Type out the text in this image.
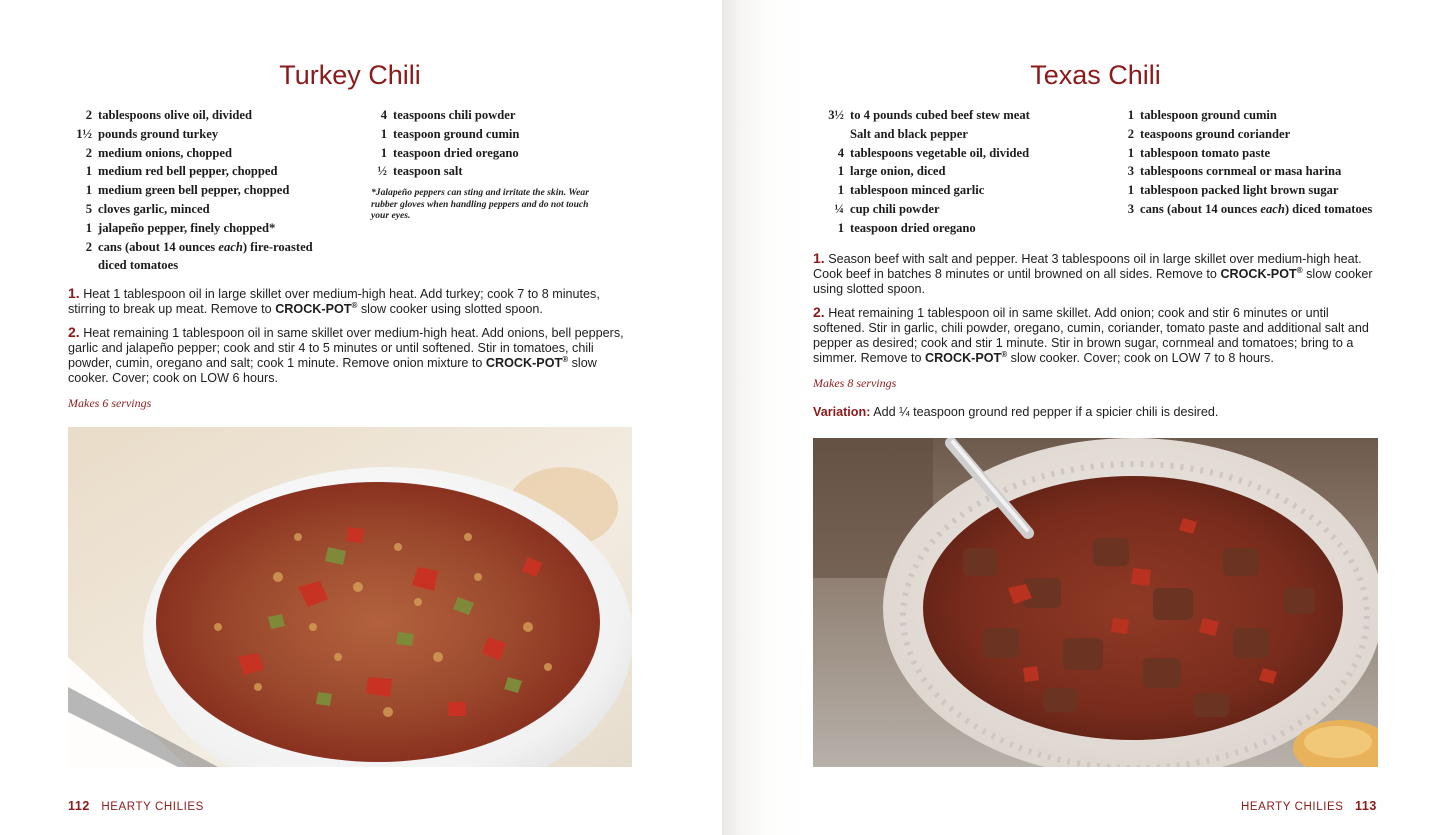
Turkey Chili
2 tablespoons olive oil, divided
1½ pounds ground turkey
2 medium onions, chopped
1 medium red bell pepper, chopped
1 medium green bell pepper, chopped
5 cloves garlic, minced
1 jalapeño pepper, finely chopped*
2 cans (about 14 ounces each) fire-roasted diced tomatoes
4 teaspoons chili powder
1 teaspoon ground cumin
1 teaspoon dried oregano
½ teaspoon salt
*Jalapeño peppers can sting and irritate the skin. Wear rubber gloves when handling peppers and do not touch your eyes.
1. Heat 1 tablespoon oil in large skillet over medium-high heat. Add turkey; cook 7 to 8 minutes, stirring to break up meat. Remove to CROCK-POT® slow cooker using slotted spoon.
2. Heat remaining 1 tablespoon oil in same skillet over medium-high heat. Add onions, bell peppers, garlic and jalapeño pepper; cook and stir 4 to 5 minutes or until softened. Stir in tomatoes, chili powder, cumin, oregano and salt; cook 1 minute. Remove onion mixture to CROCK-POT® slow cooker. Cover; cook on LOW 6 hours.
Makes 6 servings
112 HEARTY CHILIES
Texas Chili
3½ to 4 pounds cubed beef stew meat
Salt and black pepper
4 tablespoons vegetable oil, divided
1 large onion, diced
1 tablespoon minced garlic
¼ cup chili powder
1 teaspoon dried oregano
1 tablespoon ground cumin
2 teaspoons ground coriander
1 tablespoon tomato paste
3 tablespoons cornmeal or masa harina
1 tablespoon packed light brown sugar
3 cans (about 14 ounces each) diced tomatoes
1. Season beef with salt and pepper. Heat 3 tablespoons oil in large skillet over medium-high heat. Cook beef in batches 8 minutes or until browned on all sides. Remove to CROCK-POT® slow cooker using slotted spoon.
2. Heat remaining 1 tablespoon oil in same skillet. Add onion; cook and stir 6 minutes or until softened. Stir in garlic, chili powder, oregano, cumin, coriander, tomato paste and additional salt and pepper as desired; cook and stir 1 minute. Stir in brown sugar, cornmeal and tomatoes; bring to a simmer. Remove to CROCK-POT® slow cooker. Cover; cook on LOW 7 to 8 hours.
Makes 8 servings
Variation: Add ¼ teaspoon ground red pepper if a spicier chili is desired.
HEARTY CHILIES 113
